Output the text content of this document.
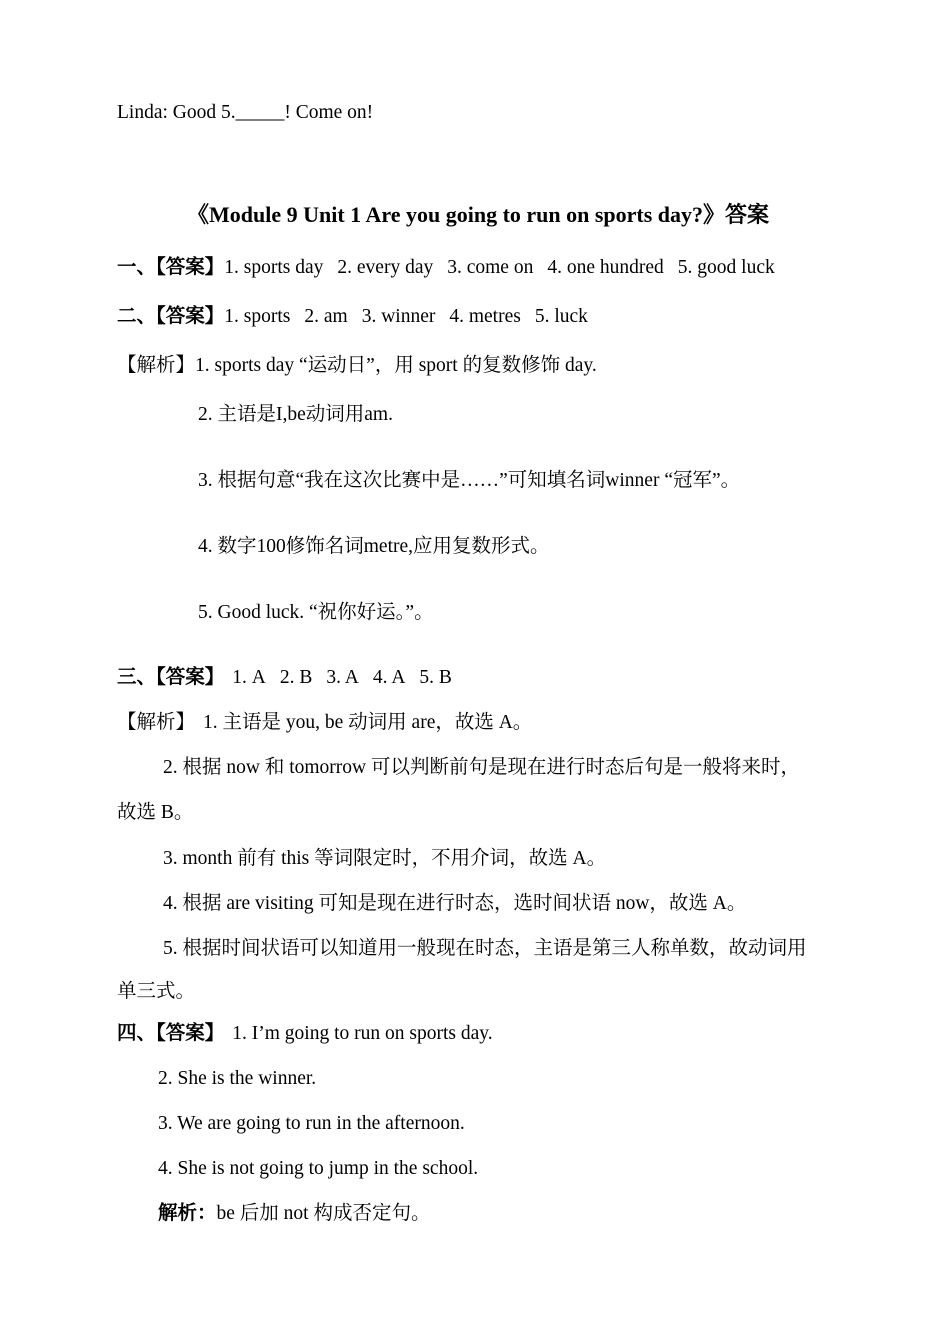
Linda: Good 5._____! Come on!
《Module 9 Unit 1 Are you going to run on sports day?》答案
一、【答案】1. sports day 2. every day 3. come on 4. one hundred 5. good luck
二、【答案】1. sports 2. am 3. winner 4. metres 5. luck
【解析】1. sports day “运动日”，用 sport 的复数修饰 day.
2. 主语是I,be动词用am.
3. 根据句意“我在这次比赛中是……”可知填名词winner “冠军”。
4. 数字100修饰名词metre,应用复数形式。
5. Good luck. “祝你好运。”。
三、【答案】 1. A 2. B 3. A 4. A 5. B
【解析】 1. 主语是 you, be 动词用 are，故选 A。
2. 根据 now 和 tomorrow 可以判断前句是现在进行时态后句是一般将来时，
故选 B。
3. month 前有 this 等词限定时，不用介词，故选 A。
4. 根据 are visiting 可知是现在进行时态，选时间状语 now，故选 A。
5. 根据时间状语可以知道用一般现在时态，主语是第三人称单数，故动词用
单三式。
四、【答案】 1. I’m going to run on sports day.
2. She is the winner.
3. We are going to run in the afternoon.
4. She is not going to jump in the school.
解析：be 后加 not 构成否定句。
